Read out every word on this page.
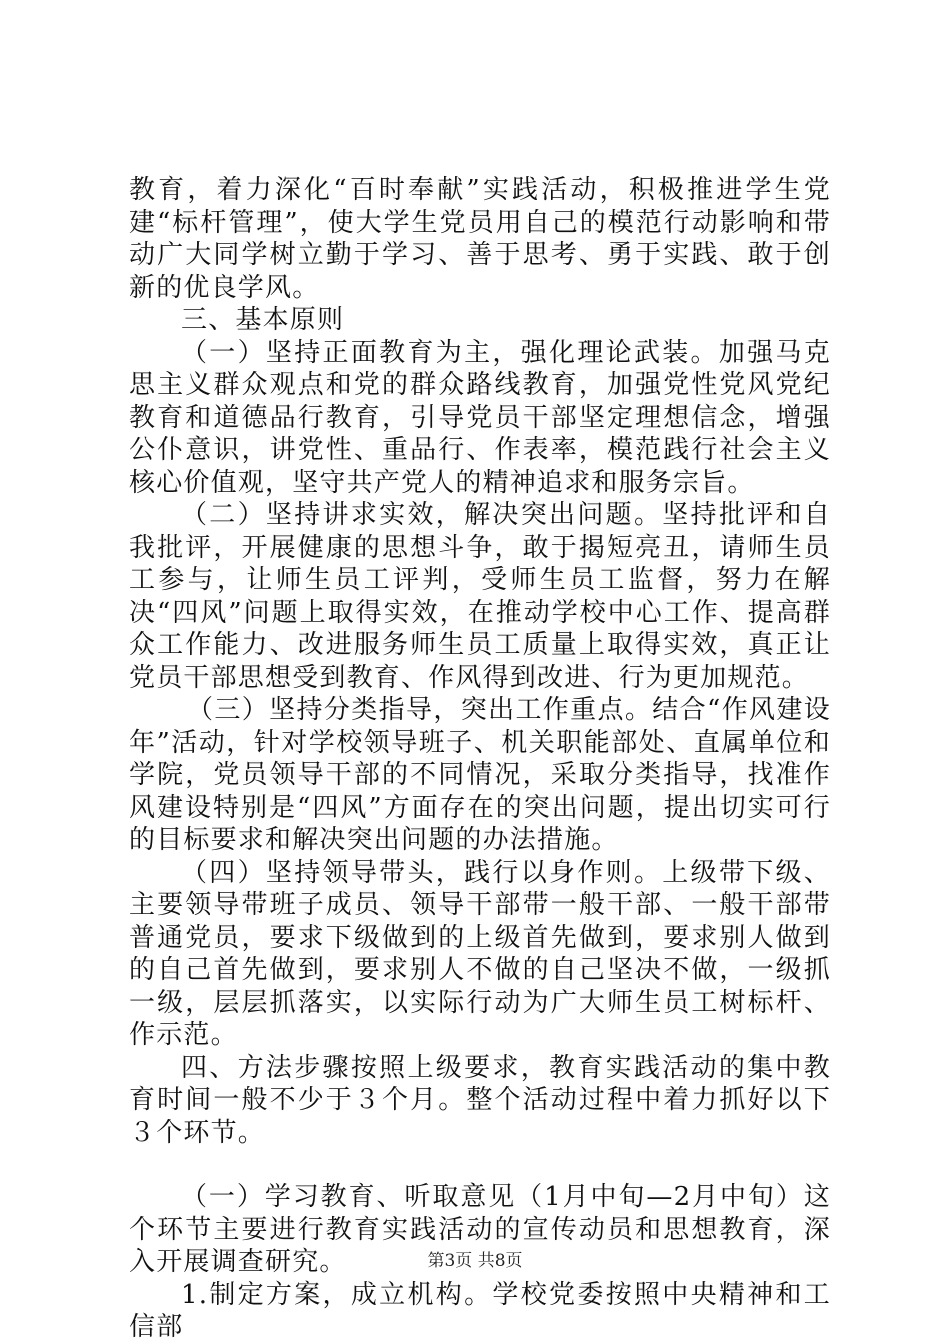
教育，着力深化“百时奉献”实践活动，积极推进学生党建“标杆管理”，使大学生党员用自己的模范行动影响和带动广大同学树立勤于学习、善于思考、勇于实践、敢于创新的优良学风。

三、基本原则

（一）坚持正面教育为主，强化理论武装。加强马克思主义群众观点和党的群众路线教育，加强党性党风党纪教育和道德品行教育，引导党员干部坚定理想信念，增强公仆意识，讲党性、重品行、作表率，模范践行社会主义核心价值观，坚守共产党人的精神追求和服务宗旨。

（二）坚持讲求实效，解决突出问题。坚持批评和自我批评，开展健康的思想斗争，敢于揭短亮丑，请师生员工参与，让师生员工评判，受师生员工监督，努力在解决“四风”问题上取得实效，在推动学校中心工作、提高群众工作能力、改进服务师生员工质量上取得实效，真正让党员干部思想受到教育、作风得到改进、行为更加规范。

（三）坚持分类指导，突出工作重点。结合“作风建设年”活动，针对学校领导班子、机关职能部处、直属单位和学院，党员领导干部的不同情况，采取分类指导，找准作风建设特别是“四风”方面存在的突出问题，提出切实可行的目标要求和解决突出问题的办法措施。

（四）坚持领导带头，践行以身作则。上级带下级、主要领导带班子成员、领导干部带一般干部、一般干部带普通党员，要求下级做到的上级首先做到，要求别人做到的自己首先做到，要求别人不做的自己坚决不做，一级抓一级，层层抓落实，以实际行动为广大师生员工树标杆、作示范。

四、方法步骤按照上级要求，教育实践活动的集中教育时间一般不少于３个月。整个活动过程中着力抓好以下３个环节。

（一）学习教育、听取意见（1月中旬—2月中旬）这个环节主要进行教育实践活动的宣传动员和思想教育，深入开展调查研究。

1.制定方案，成立机构。学校党委按照中央精神和工信部

第3页 共8页
